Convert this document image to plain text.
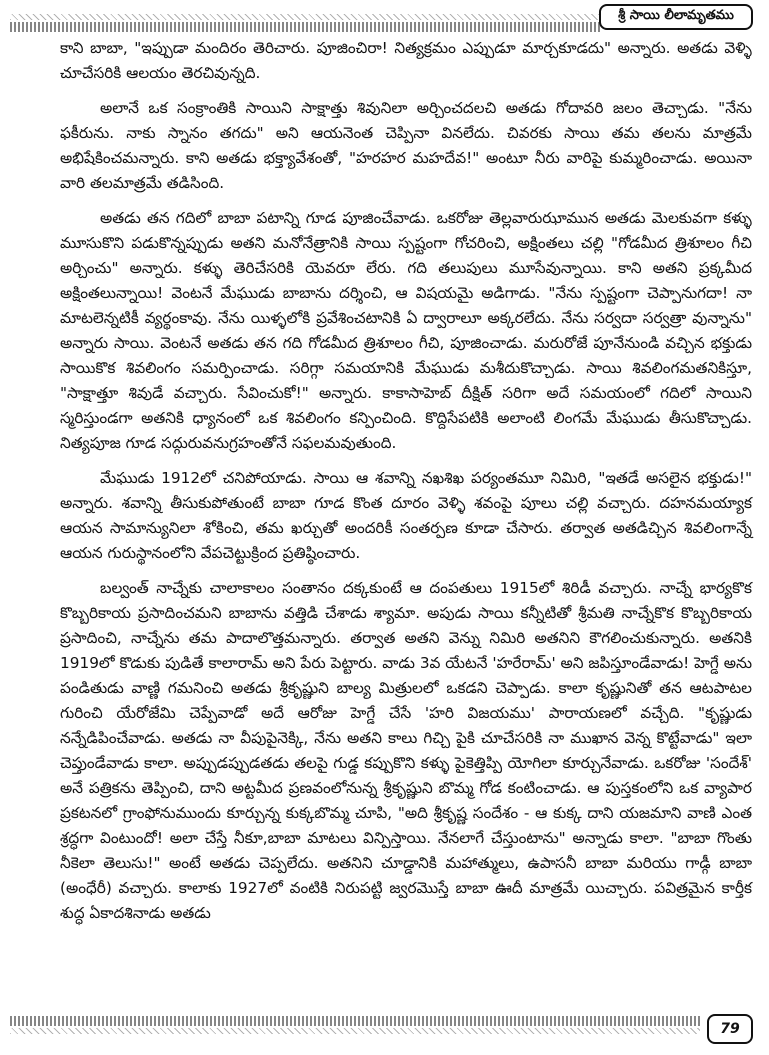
శ్రీ సాయి లీలామృతము

కాని బాబా, "ఇప్పుడా మందిరం తెరిచారు. పూజించిరా! నిత్యక్రమం ఎప్పుడూ మార్చకూడదు" అన్నారు. అతడు వెళ్ళి చూచేసరికి ఆలయం తెరచివున్నది.

అలానే ఒక సంక్రాంతికి సాయిని సాక్షాత్తు శివునిలా అర్చించదలచి అతడు గోదావరి జలం తెచ్చాడు. "నేను ఫకీరును. నాకు స్నానం తగదు" అని ఆయనెంత చెప్పినా వినలేదు. చివరకు సాయి తమ తలను మాత్రమే అభిషేకించమన్నారు. కాని అతడు భక్త్యావేశంతో, "హరహర మహదేవ!" అంటూ నీరు వారిపై కుమ్మరించాడు. అయినా వారి తలమాత్రమే తడిసింది.

అతడు తన గదిలో బాబా పటాన్ని గూడ పూజించేవాడు. ఒకరోజు తెల్లవారుఝామున అతడు మెలకువగా కళ్ళు మూసుకొని పడుకొన్నప్పుడు అతని మనోనేత్రానికి సాయి స్పష్టంగా గోచరించి, అక్షింతలు చల్లి "గోడమీద త్రిశూలం గీచి అర్చించు" అన్నారు. కళ్ళు తెరిచేసరికి యెవరూ లేరు. గది తలుపులు మూసేవున్నాయి. కాని అతని ప్రక్కమీద అక్షింతలున్నాయి! వెంటనే మేఘుడు బాబాను దర్శించి, ఆ విషయమై అడిగాడు. "నేను స్పష్టంగా చెప్పానుగదా! నా మాటలెన్నటికీ వ్యర్థంకావు. నేను యిళ్ళలోకి ప్రవేశించటానికి ఏ ద్వారాలూ అక్కరలేదు. నేను సర్వదా సర్వత్రా వున్నాను" అన్నారు సాయి. వెంటనే అతడు తన గది గోడమీద త్రిశూలం గీచి, పూజించాడు. మరురోజే పూనేనుండి వచ్చిన భక్తుడు సాయికొక శివలింగం సమర్పించాడు. సరిగ్గా సమయానికి మేఘుడు మశీదుకొచ్చాడు. సాయి శివలింగమతనికిస్తూ, "సాక్షాత్తూ శివుడే వచ్చారు. సేవించుకో!" అన్నారు. కాకాసాహెబ్ దీక్షిత్ సరిగా అదే సమయంలో గదిలో సాయిని స్మరిస్తుండగా అతనికి ధ్యానంలో ఒక శివలింగం కన్పించింది. కొద్దిసేపటికి అలాంటి లింగమే మేఘుడు తీసుకొచ్చాడు. నిత్యపూజ గూడ సద్గురువనుగ్రహంతోనే సఫలమవుతుంది.

మేఘుడు 1912లో చనిపోయాడు. సాయి ఆ శవాన్ని నఖశిఖ పర్యంతమూ నిమిరి, "ఇతడే అసలైన భక్తుడు!" అన్నారు. శవాన్ని తీసుకుపోతుంటే బాబా గూడ కొంత దూరం వెళ్ళి శవంపై పూలు చల్లి వచ్చారు. దహనమయ్యాక ఆయన సామాన్యునిలా శోకించి, తమ ఖర్చుతో అందరికీ సంతర్పణ కూడా చేసారు. తర్వాత అతడిచ్చిన శివలింగాన్నే ఆయన గురుస్థానంలోని వేపచెట్టుక్రింద ప్రతిష్ఠించారు.

బల్వంత్ నాచ్నేకు చాలాకాలం సంతానం దక్కకుంటే ఆ దంపతులు 1915లో శిరిడీ వచ్చారు. నాచ్నే భార్యకొక కొబ్బరికాయ ప్రసాదించమని బాబాను వత్తిడి చేశాడు శ్యామా. అపుడు సాయి కన్నీటితో శ్రీమతి నాచ్నేకొక కొబ్బరికాయ ప్రసాదించి, నాచ్నేను తమ పాదాలొత్తమన్నారు. తర్వాత అతని వెన్ను నిమిరి అతనిని కౌగలించుకున్నారు. అతనికి 1919లో కొడుకు పుడితే కాలారామ్ అని పేరు పెట్టారు. వాడు 3వ యేటనే 'హరేరామ్' అని జపిస్తూండేవాడు! హెగ్డే అను పండితుడు వాణ్ణి గమనించి అతడు శ్రీకృష్ణుని బాల్య మిత్రులలో ఒకడని చెప్పాడు. కాలా కృష్ణునితో తన ఆటపాటల గురించి యేరోజేమి చెప్పేవాడో అదే ఆరోజు హెగ్డే చేసే 'హరి విజయము' పారాయణలో వచ్చేది. "కృష్ణుడు నన్నేడిపించేవాడు. అతడు నా వీపుపైనెక్కి, నేను అతని కాలు గిచ్చి పైకి చూచేసరికి నా ముఖాన వెన్న కొట్టేవాడు" ఇలా చెప్తుండేవాడు కాలా. అప్పుడప్పుడతడు తలపై గుడ్డ కప్పుకొని కళ్ళు పైకెత్తిప్పి యోగిలా కూర్చునేవాడు. ఒకరోజు 'సందేశ్' అనే పత్రికను తెప్పించి, దాని అట్టమీద ప్రణవంలోనున్న శ్రీకృష్ణుని బొమ్మ గోడ కంటించాడు. ఆ పుస్తకంలోని ఒక వ్యాపార ప్రకటనలో గ్రాంఫోనుముందు కూర్చున్న కుక్కబొమ్మ చూపి, "అది శ్రీకృష్ణ సందేశం - ఆ కుక్క దాని యజమాని వాణి ఎంత శ్రద్ధగా వింటుందో! అలా చేస్తే నీకూ,బాబా మాటలు విన్పిస్తాయి. నేనలాగే చేస్తుంటాను" అన్నాడు కాలా. "బాబా గొంతు నీకెలా తెలుసు!" అంటే అతడు చెప్పలేదు. అతనిని చూడ్డానికి మహాత్ములు, ఉపాసనీ బాబా మరియు గాడ్గీ బాబా (అంధేరీ) వచ్చారు. కాలాకు 1927లో వంటికి నిరుపట్టి జ్వరమొస్తే బాబా ఊదీ మాత్రమే యిచ్చారు. పవిత్రమైన కార్తీక శుద్ధ ఏకాదశినాడు అతడు

79
